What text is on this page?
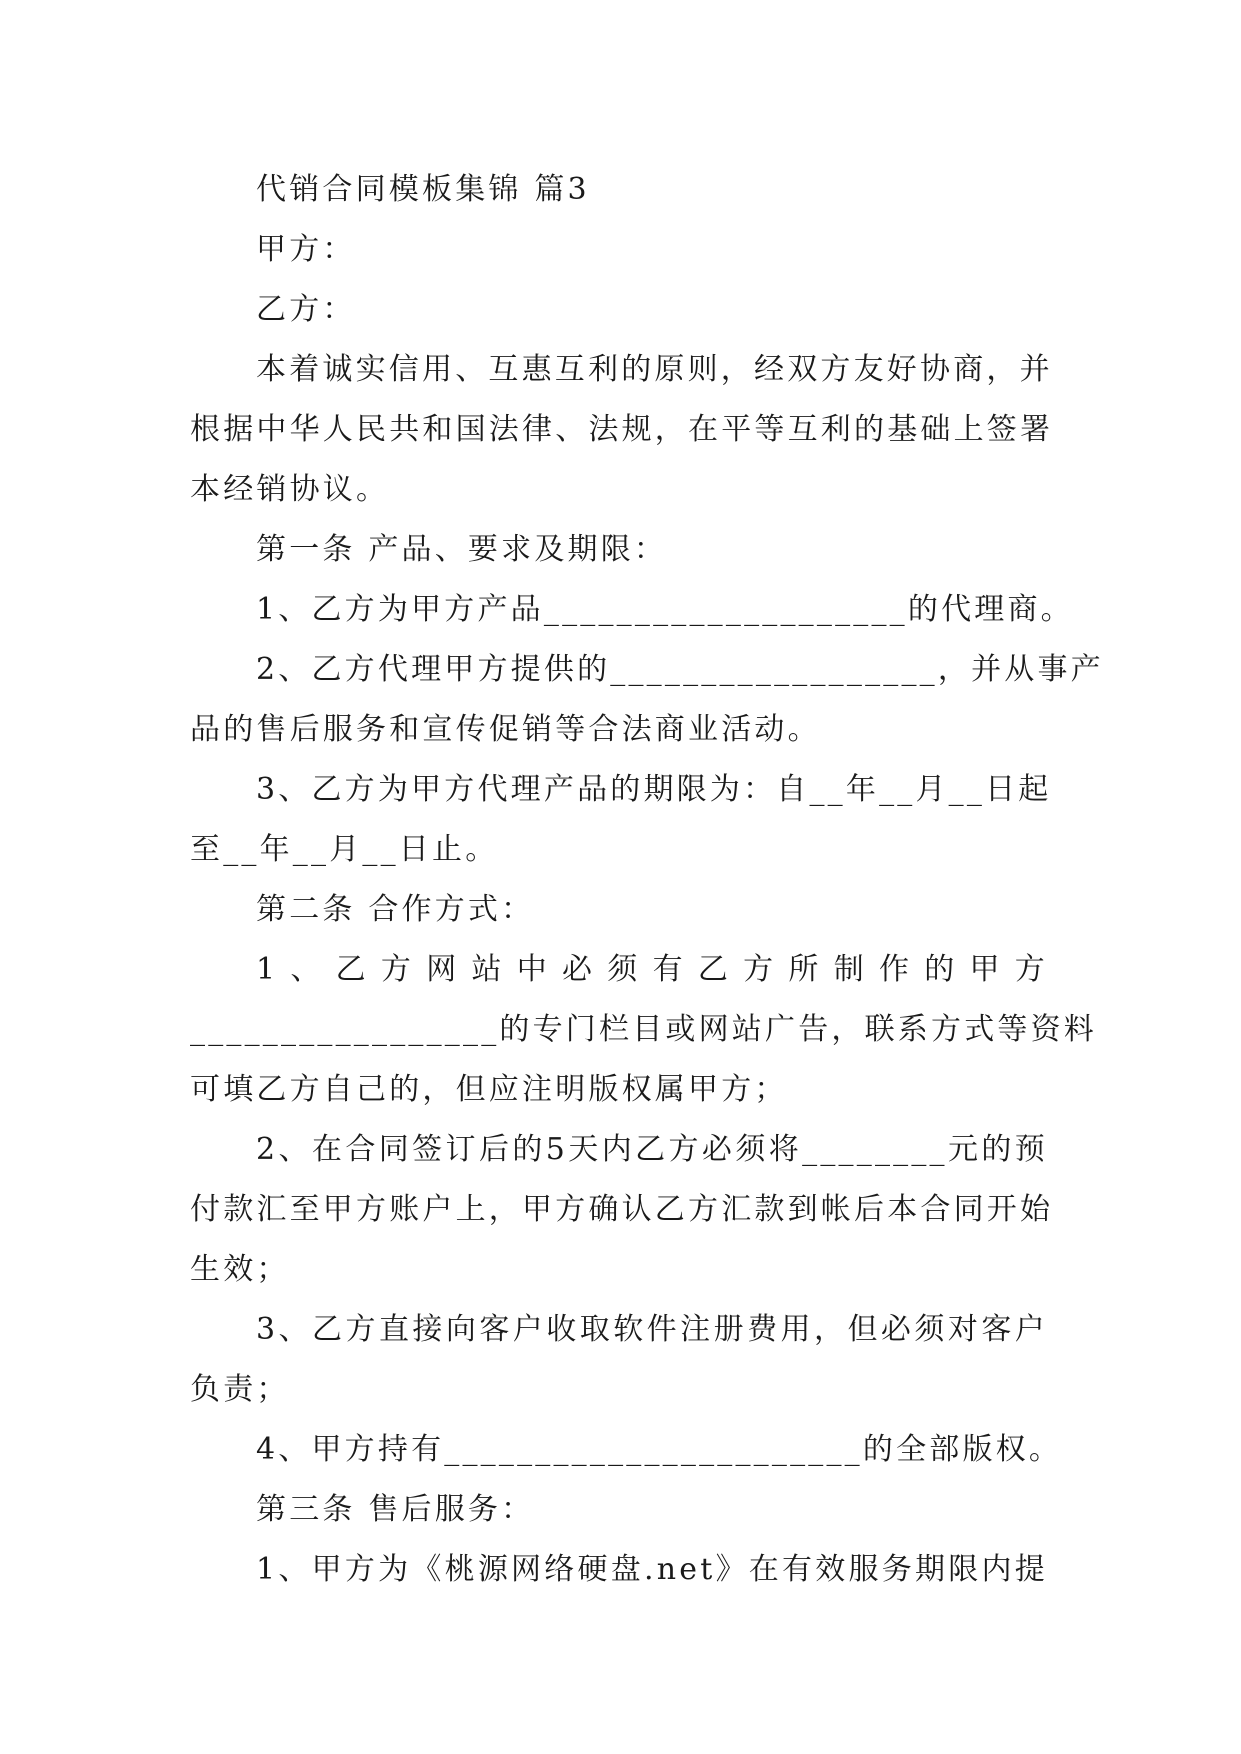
代销合同模板集锦 篇3
甲方：
乙方：
本着诚实信用、互惠互利的原则，经双方友好协商，并
根据中华人民共和国法律、法规，在平等互利的基础上签署
本经销协议。
第一条 产品、要求及期限：
1、乙方为甲方产品____________________的代理商。
2、乙方代理甲方提供的__________________，并从事产
品的售后服务和宣传促销等合法商业活动。
3、乙方为甲方代理产品的期限为：自__年__月__日起
至__年__月__日止。
第二条 合作方式：
1、乙方网站中必须有乙方所制作的甲方
_________________的专门栏目或网站广告，联系方式等资料
可填乙方自己的，但应注明版权属甲方；
2、在合同签订后的5天内乙方必须将________元的预
付款汇至甲方账户上，甲方确认乙方汇款到帐后本合同开始
生效；
3、乙方直接向客户收取软件注册费用，但必须对客户
负责；
4、甲方持有_______________________的全部版权。
第三条 售后服务：
1、甲方为《桃源网络硬盘.net》在有效服务期限内提
